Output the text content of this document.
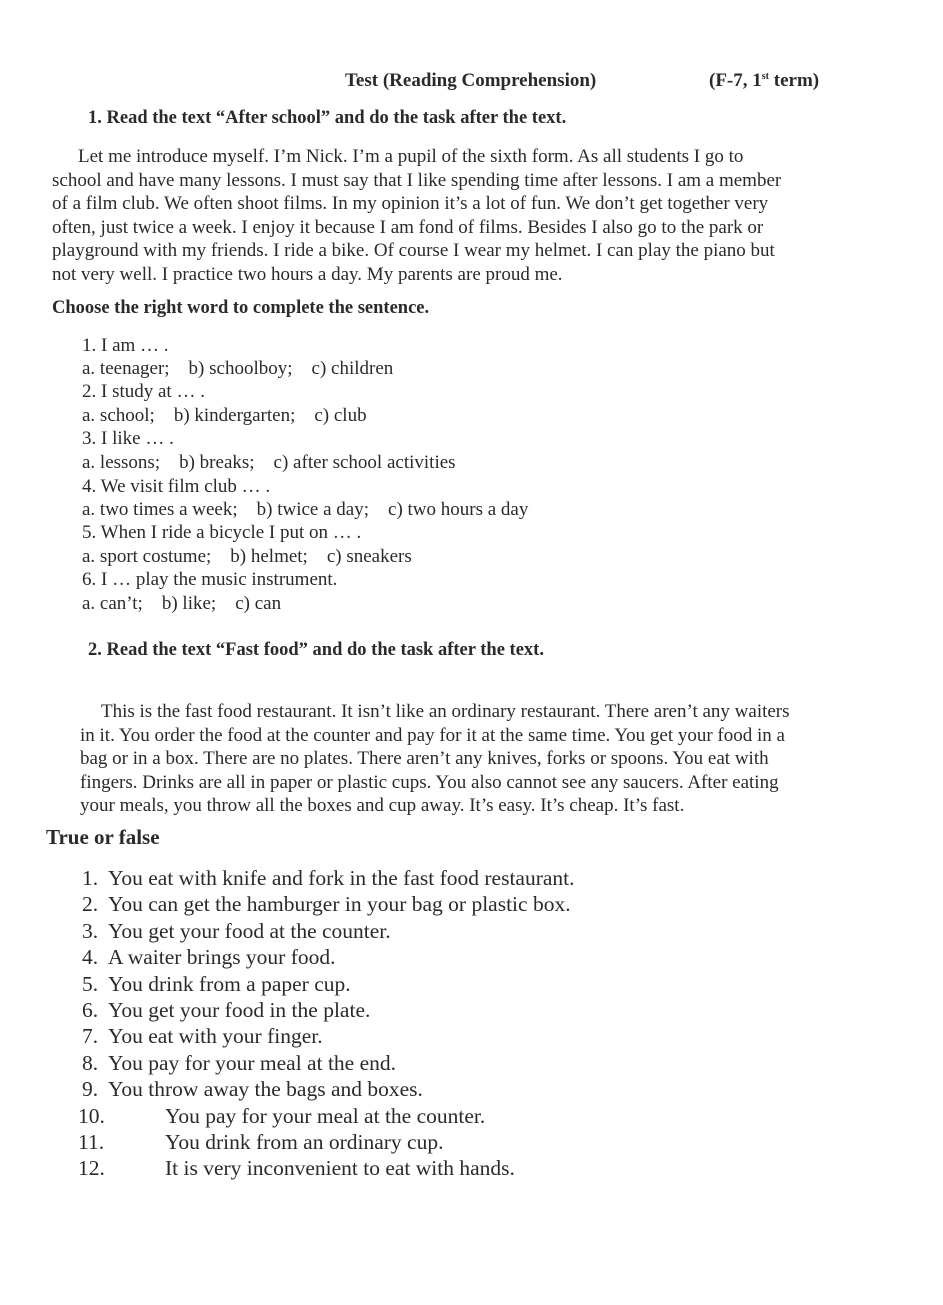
Test (Reading Comprehension)	(F-7, 1st term)
1. Read the text “After school” and do the task after the text.
Let me introduce myself. I’m Nick. I’m a pupil of the sixth form. As all students I go to
school and have many lessons. I must say that I like spending time after lessons. I am a member
of a film club. We often shoot films. In my opinion it’s a lot of fun. We don’t get together very
often, just twice a week. I enjoy it because I am fond of films. Besides I also go to the park or
playground with my friends. I ride a bike. Of course I wear my helmet. I can play the piano but
not very well. I practice two hours a day. My parents are proud me.
Choose the right word to complete the sentence.
1. I am … .
a. teenager;    b) schoolboy;    c) children
2. I study at … .
a. school;    b) kindergarten;    c) club
3. I like … .
a. lessons;    b) breaks;    c) after school activities
4. We visit film club … .
a. two times a week;    b) twice a day;    c) two hours a day
5. When I ride a bicycle I put on … .
a. sport costume;    b) helmet;    c) sneakers
6. I … play the music instrument.
a. can’t;    b) like;    c) can
2. Read the text “Fast food” and do the task after the text.
This is the fast food restaurant. It isn’t like an ordinary restaurant. There aren’t any waiters
in it. You order the food at the counter and pay for it at the same time. You get your food in a
bag or in a box. There are no plates. There aren’t any knives, forks or spoons. You eat with
fingers. Drinks are all in paper or plastic cups. You also cannot see any saucers. After eating
your meals, you throw all the boxes and cup away. It’s easy. It’s cheap. It’s fast.
True or false
1. You eat with knife and fork in the fast food restaurant.
2. You can get the hamburger in your bag or plastic box.
3. You get your food at the counter.
4. A waiter brings your food.
5. You drink from a paper cup.
6. You get your food in the plate.
7. You eat with your finger.
8. You pay for your meal at the end.
9. You throw away the bags and boxes.
10.	You pay for your meal at the counter.
11.	You drink from an ordinary cup.
12.	It is very inconvenient to eat with hands.
